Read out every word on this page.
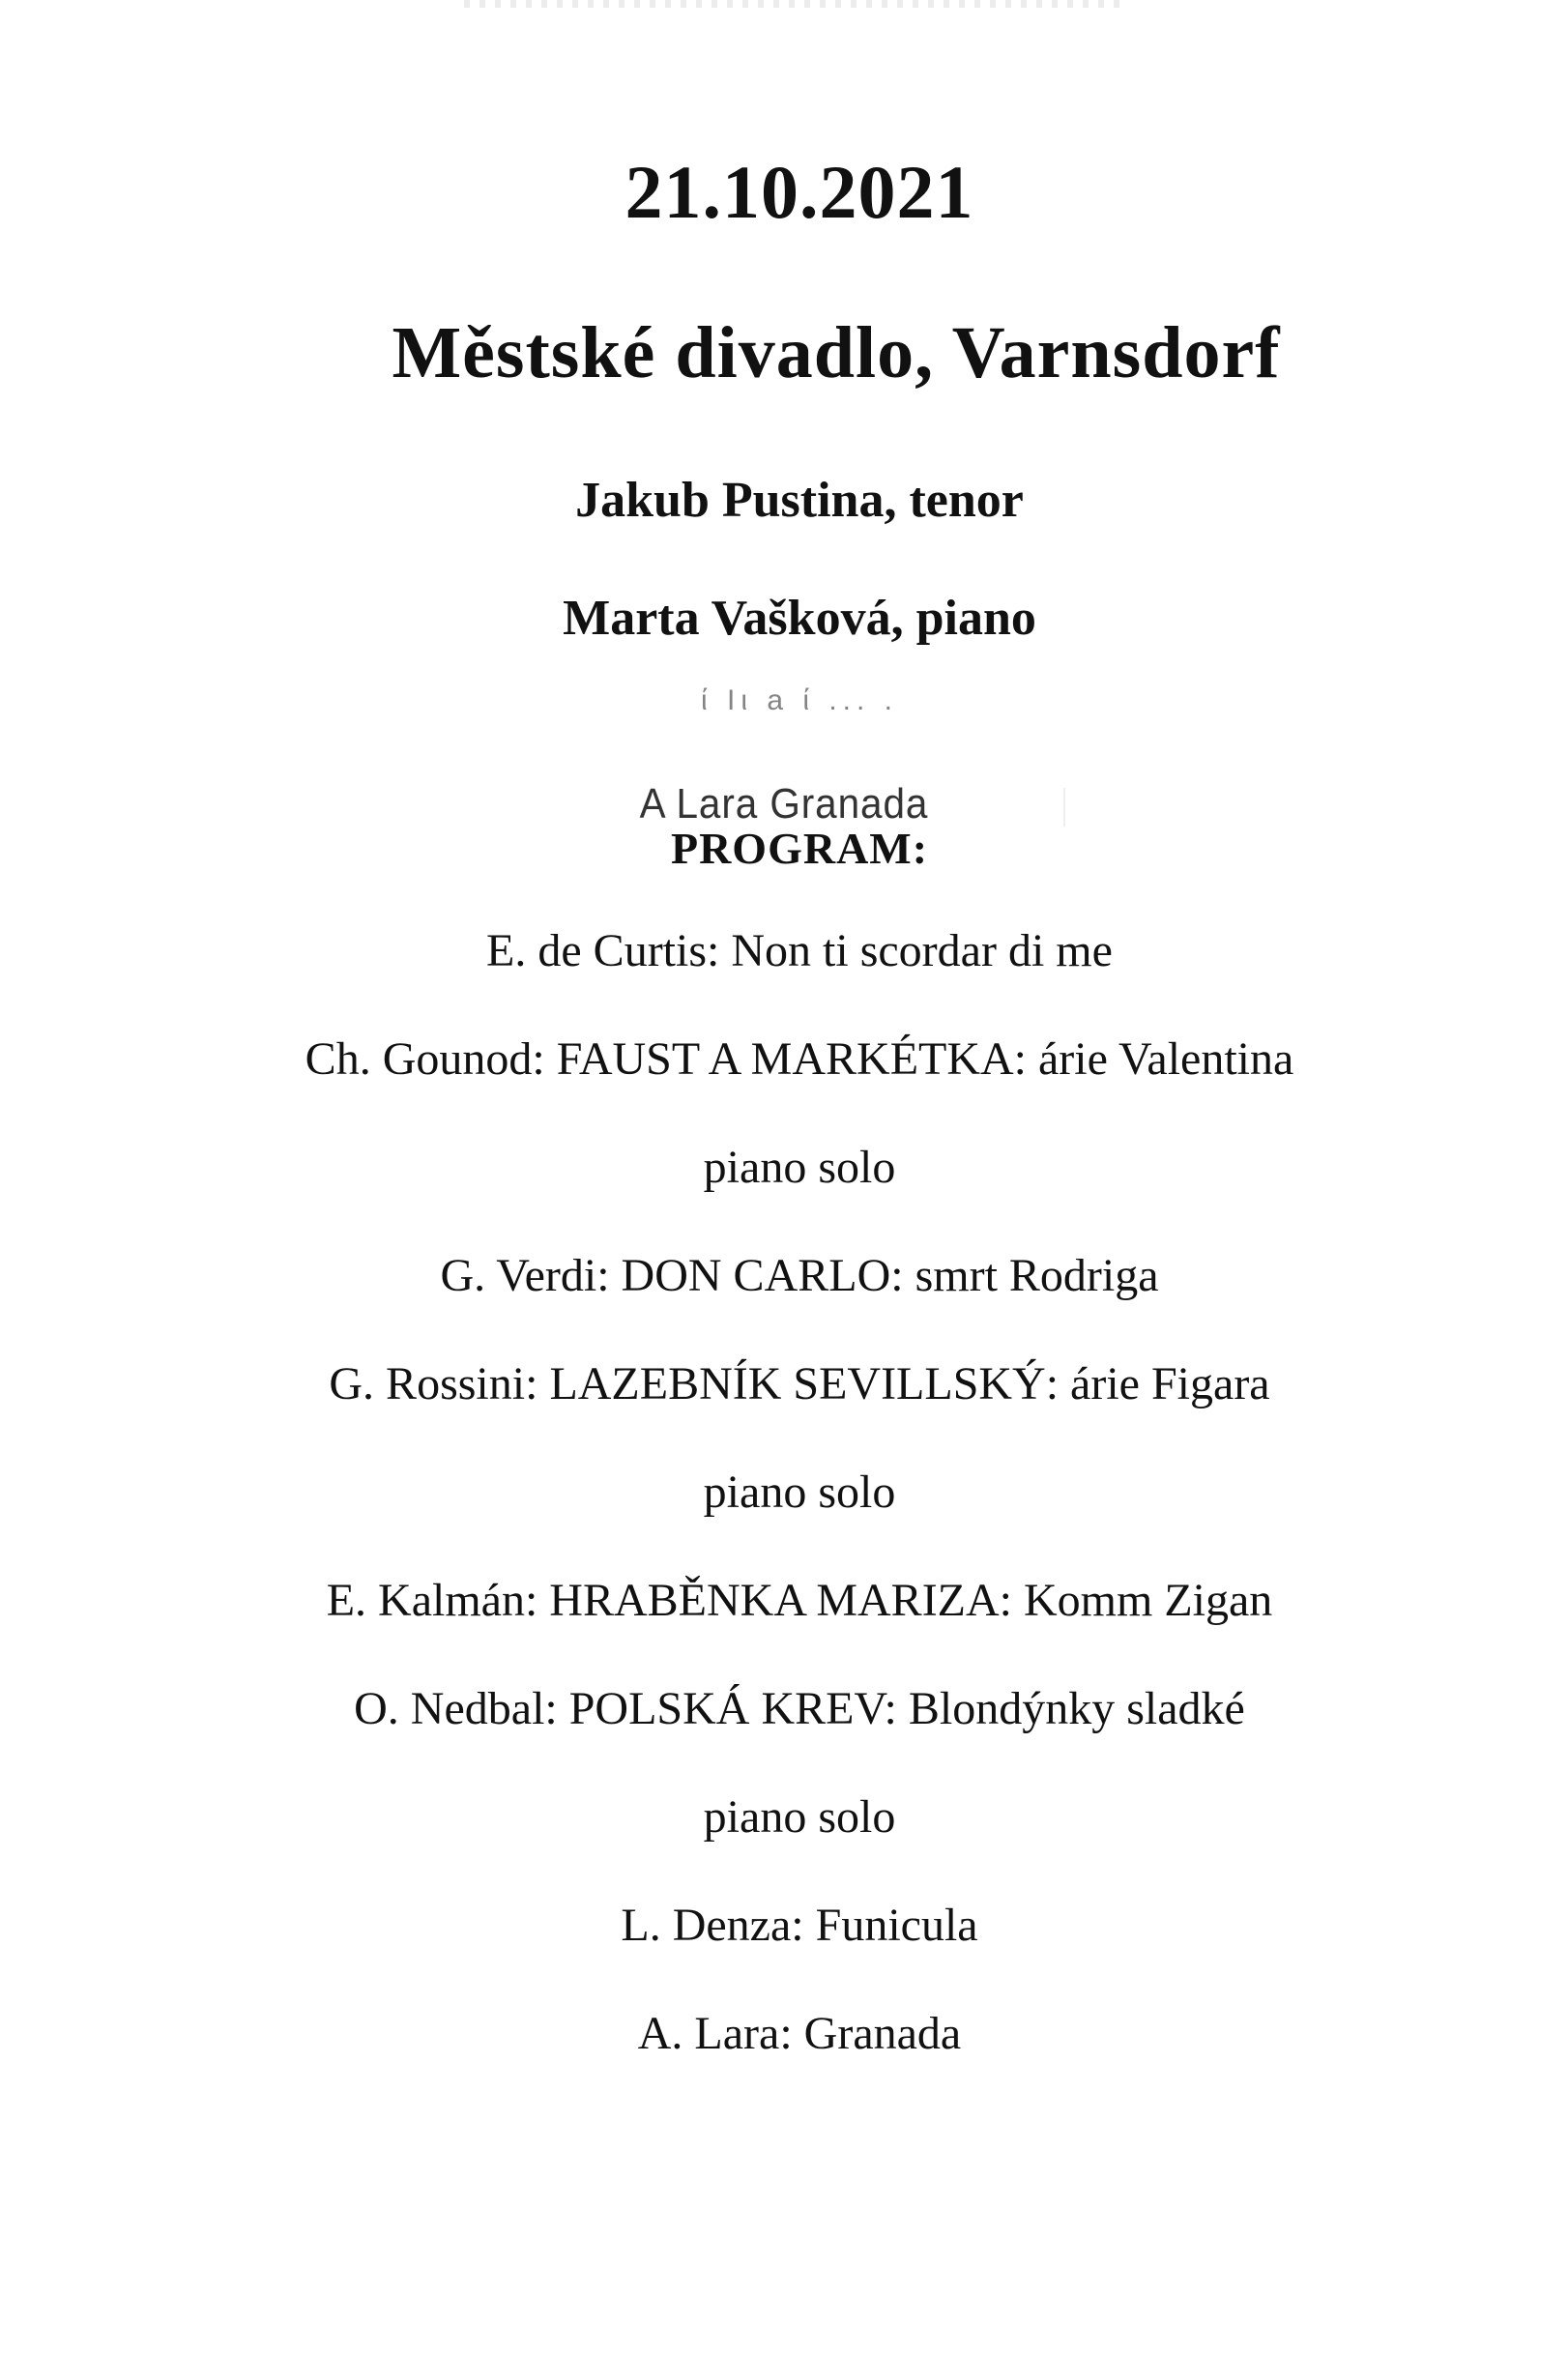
21.10.2021
Městské divadlo, Varnsdorf
Jakub Pustina, tenor
Marta Vašková, piano
ί Ιι a ί ... .
A Lara Granada
PROGRAM:
E. de Curtis: Non ti scordar di me
Ch. Gounod: FAUST A MARKÉTKA: árie Valentina
piano solo
G. Verdi: DON CARLO: smrt Rodriga
G. Rossini: LAZEBNÍK SEVILLSKÝ: árie Figara
piano solo
E. Kalmán: HRABĚNKA MARIZA: Komm Zigan
O. Nedbal: POLSKÁ KREV: Blondýnky sladké
piano solo
L. Denza: Funicula
A. Lara: Granada
